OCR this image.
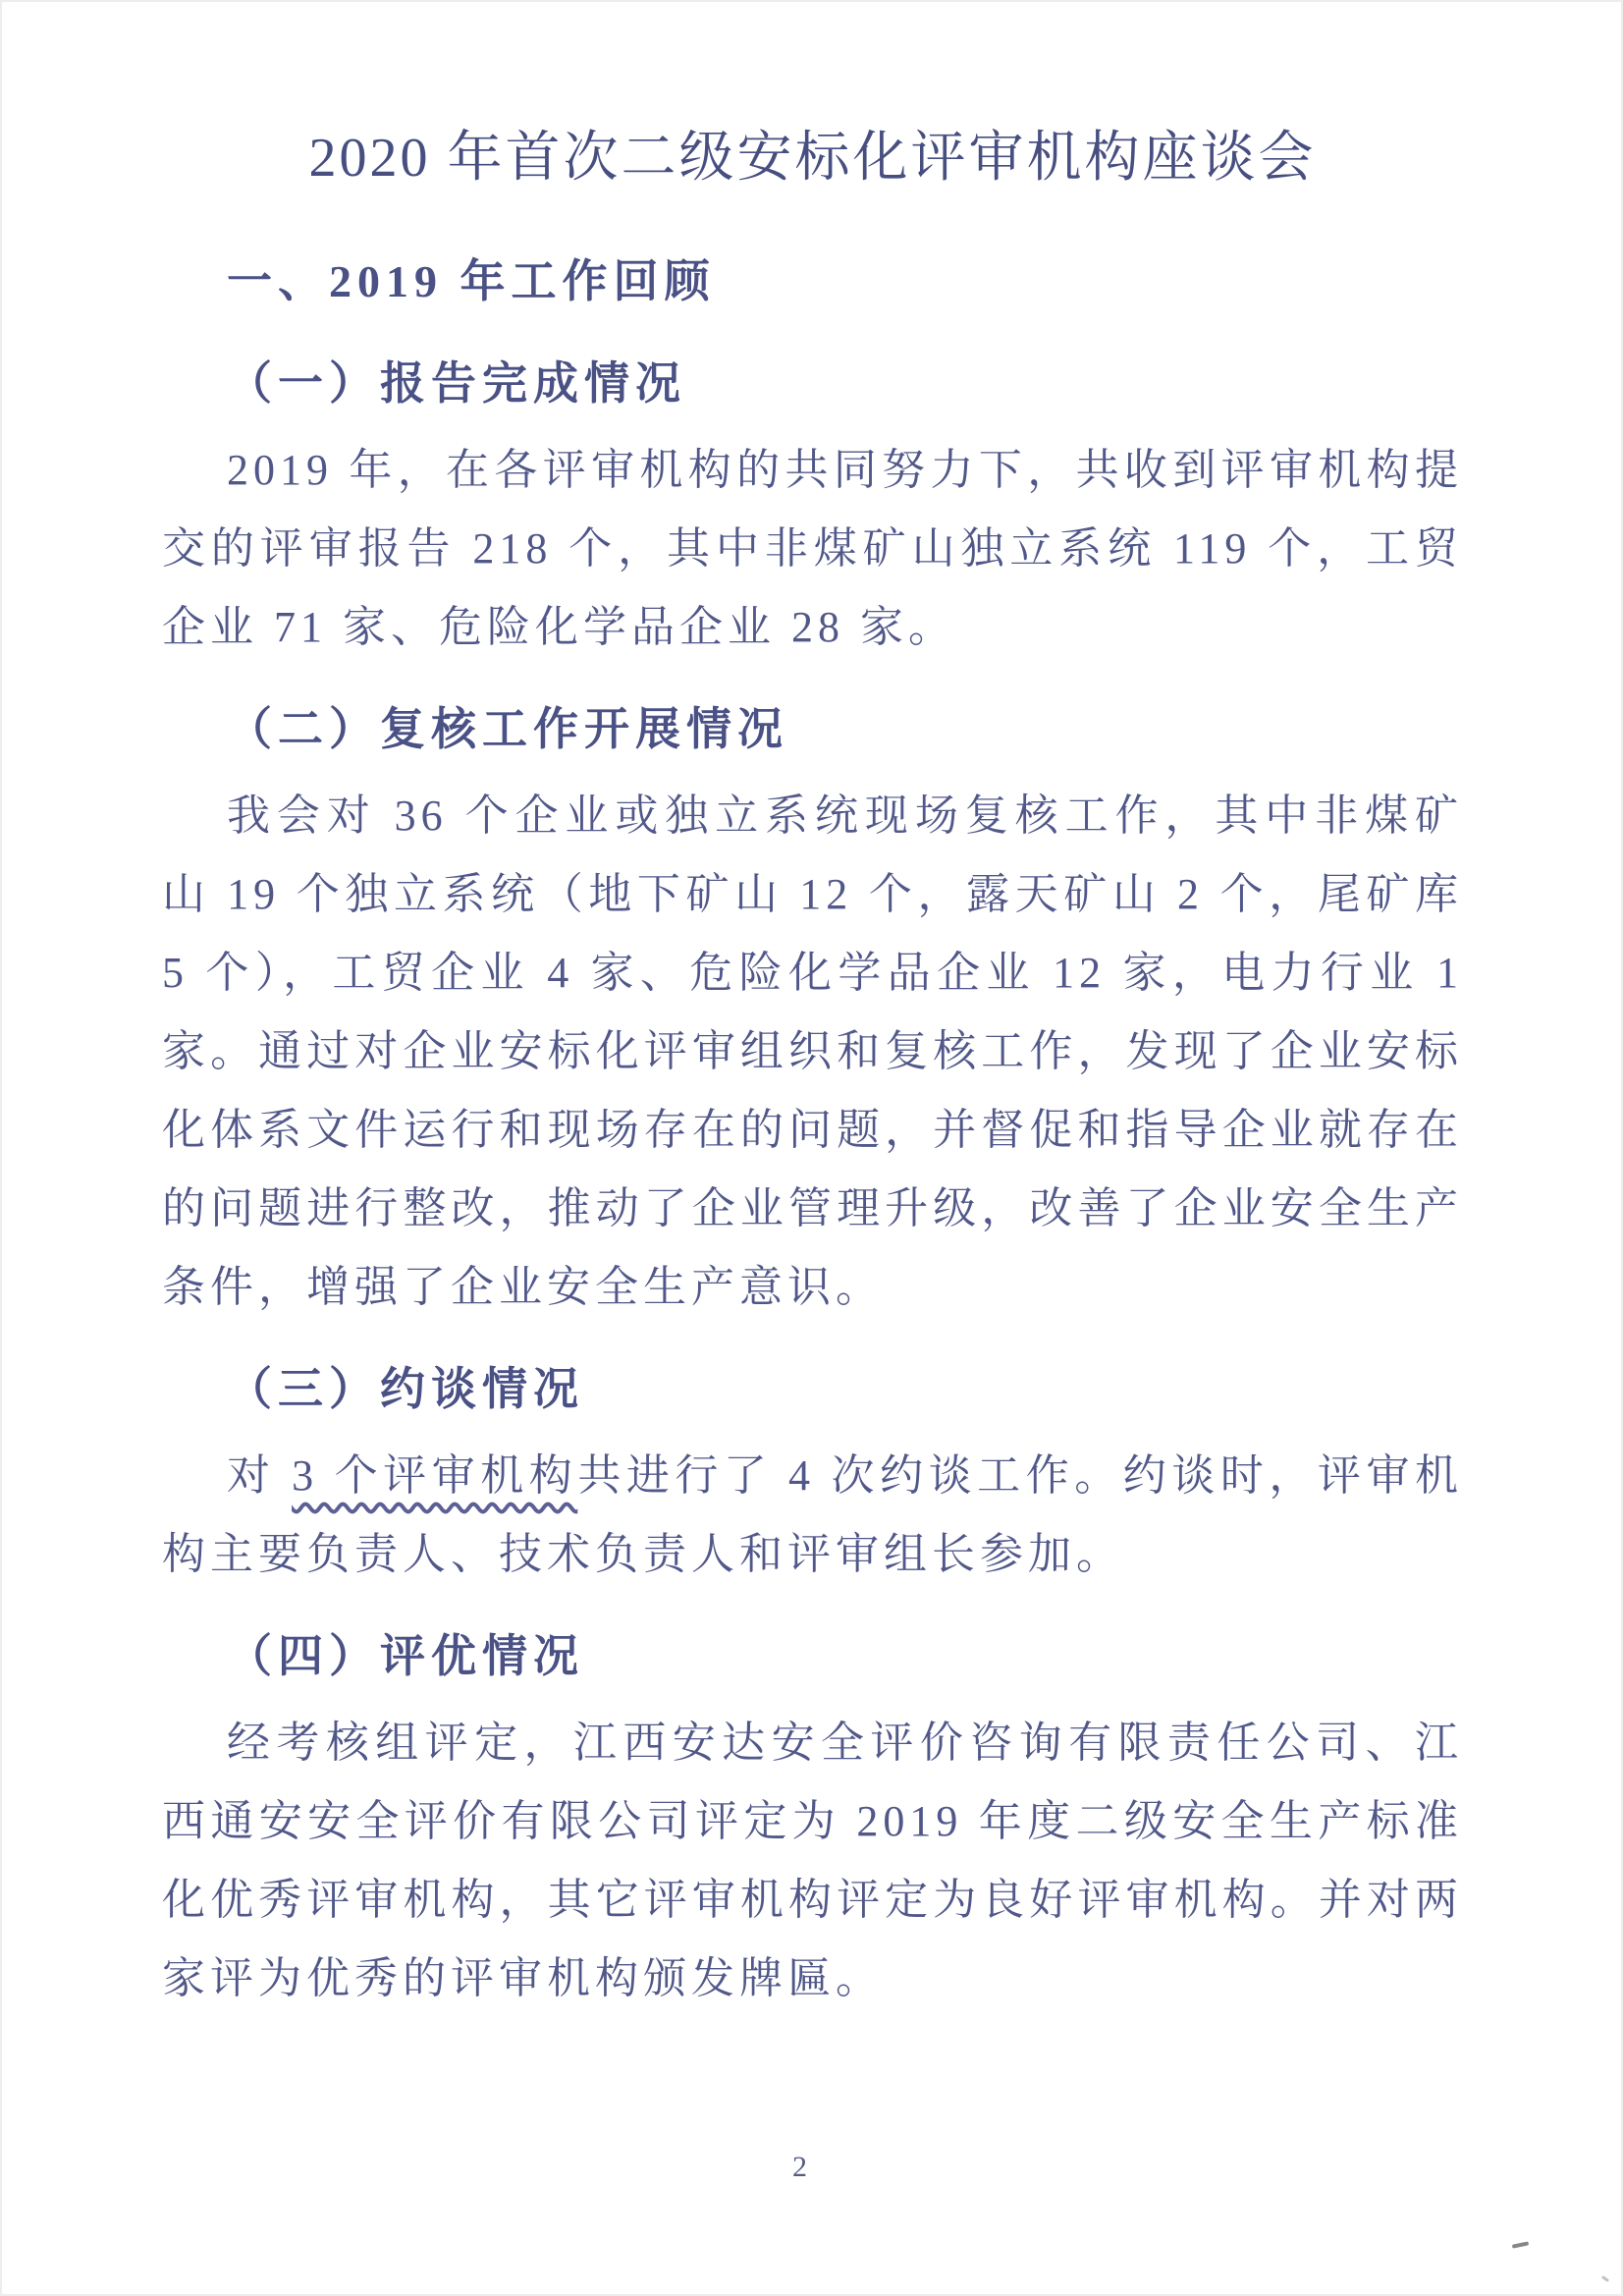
2020 年首次二级安标化评审机构座谈会
一、2019 年工作回顾
（一）报告完成情况

2019 年，在各评审机构的共同努力下，共收到评审机构提交的评审报告 218 个，其中非煤矿山独立系统 119 个，工贸企业 71 家、危险化学品企业 28 家。

（二）复核工作开展情况

我会对 36 个企业或独立系统现场复核工作，其中非煤矿山 19 个独立系统（地下矿山 12 个，露天矿山 2 个，尾矿库 5 个），工贸企业 4 家、危险化学品企业 12 家，电力行业 1 家。通过对企业安标化评审组织和复核工作，发现了企业安标化体系文件运行和现场存在的问题，并督促和指导企业就存在的问题进行整改，推动了企业管理升级，改善了企业安全生产条件，增强了企业安全生产意识。

（三）约谈情况

对 3 个评审机构共进行了 4 次约谈工作。约谈时，评审机构主要负责人、技术负责人和评审组长参加。

（四）评优情况

经考核组评定，江西安达安全评价咨询有限责任公司、江西通安安全评价有限公司评定为 2019 年度二级安全生产标准化优秀评审机构，其它评审机构评定为良好评审机构。并对两家评为优秀的评审机构颁发牌匾。

2
